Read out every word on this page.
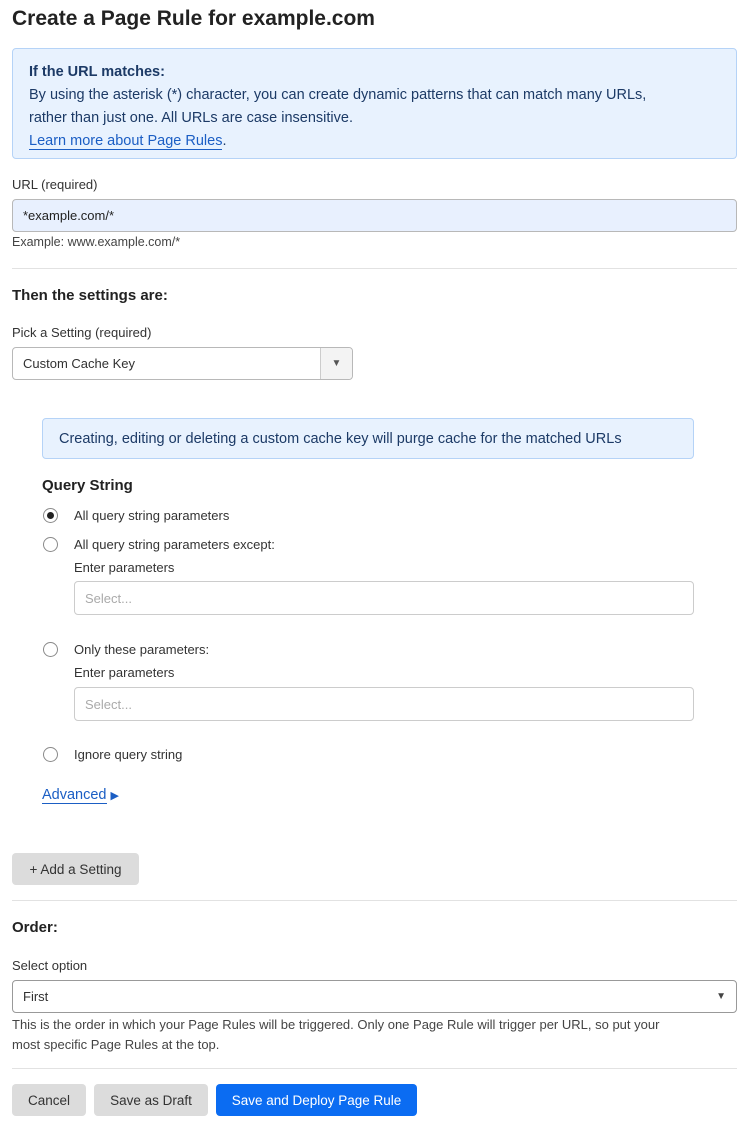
Create a Page Rule for example.com
If the URL matches:
By using the asterisk (*) character, you can create dynamic patterns that can match many URLs,
rather than just one. All URLs are case insensitive.
Learn more about Page Rules.
URL (required)
*example.com/*
Example: www.example.com/*
Then the settings are:
Pick a Setting (required)
Custom Cache Key	▼
Creating, editing or deleting a custom cache key will purge cache for the matched URLs
Query String
All query string parameters
All query string parameters except:
Enter parameters
Select...
Only these parameters:
Enter parameters
Select...
Ignore query string
Advanced ▶
+ Add a Setting
Order:
Select option
First	▼
This is the order in which your Page Rules will be triggered. Only one Page Rule will trigger per URL, so put your
most specific Page Rules at the top.
Cancel	Save as Draft	Save and Deploy Page Rule
